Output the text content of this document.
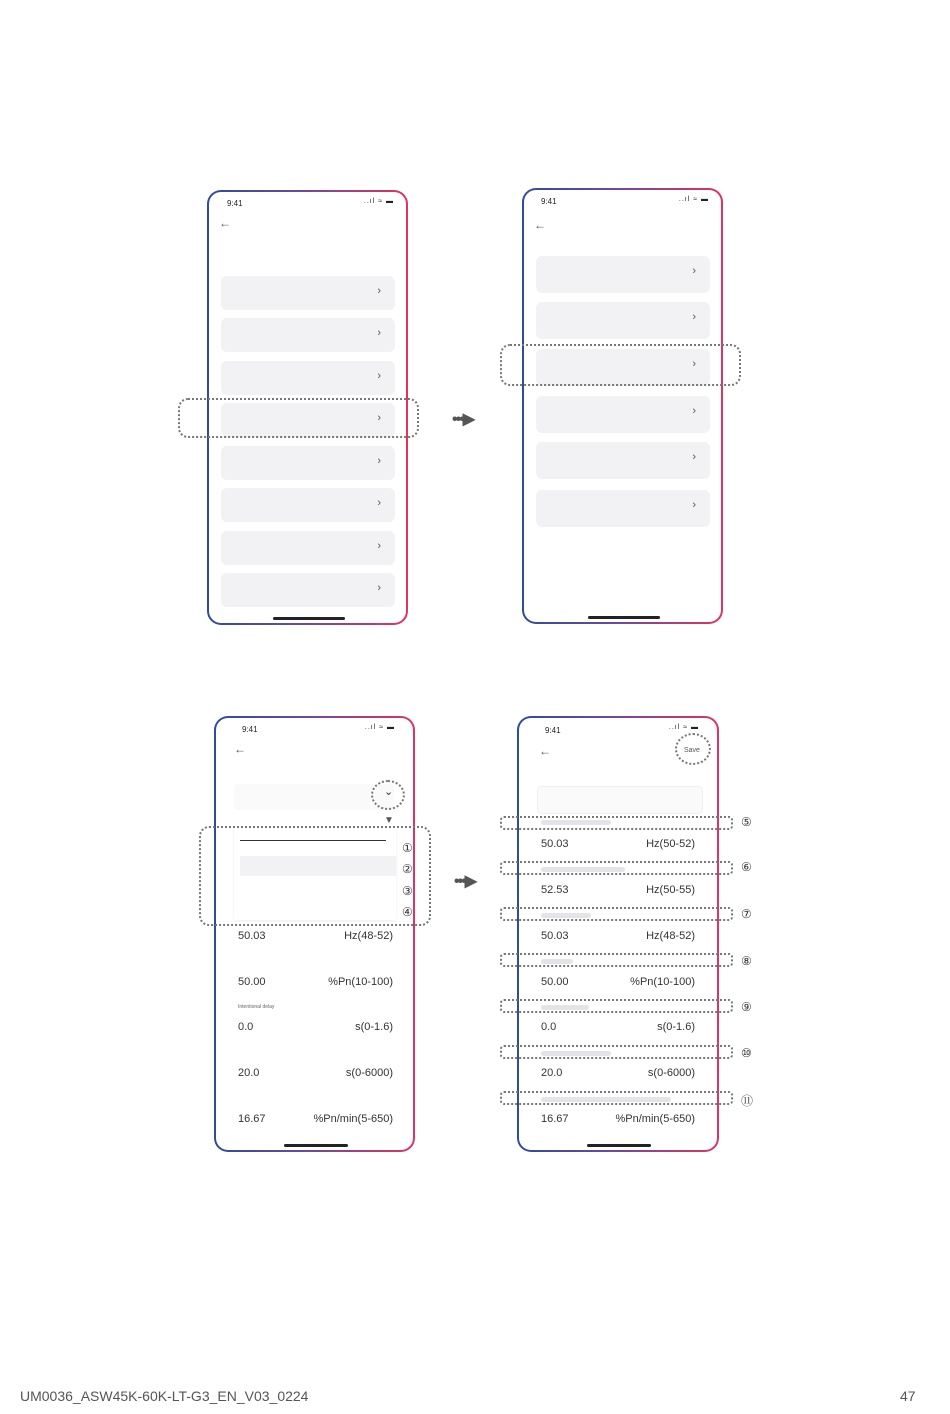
9:41	..ıl ≈ ▬
←
›
›
›
›
›
›
›
›
•••▶
9:41	..ıl ≈ ▬
←
›
›
›
›
›
›
9:41	..ıl ≈ ▬
←
50.03	Hz(48-52)
50.00	%Pn(10-100)
Intentional delay
0.0	s(0-1.6)
20.0	s(0-6000)
16.67	%Pn/min(5-650)
⌄
▼
①
②
③
④
•••▶
9:41	..ıl ≈ ▬
←	Save
50.03	Hz(50-52)
52.53	Hz(50-55)
50.03	Hz(48-52)
50.00	%Pn(10-100)
0.0	s(0-1.6)
20.0	s(0-6000)
16.67	%Pn/min(5-650)
⑤
⑥
⑦
⑧
⑨
⑩
⑪
UM0036_ASW45K-60K-LT-G3_EN_V03_0224	47
